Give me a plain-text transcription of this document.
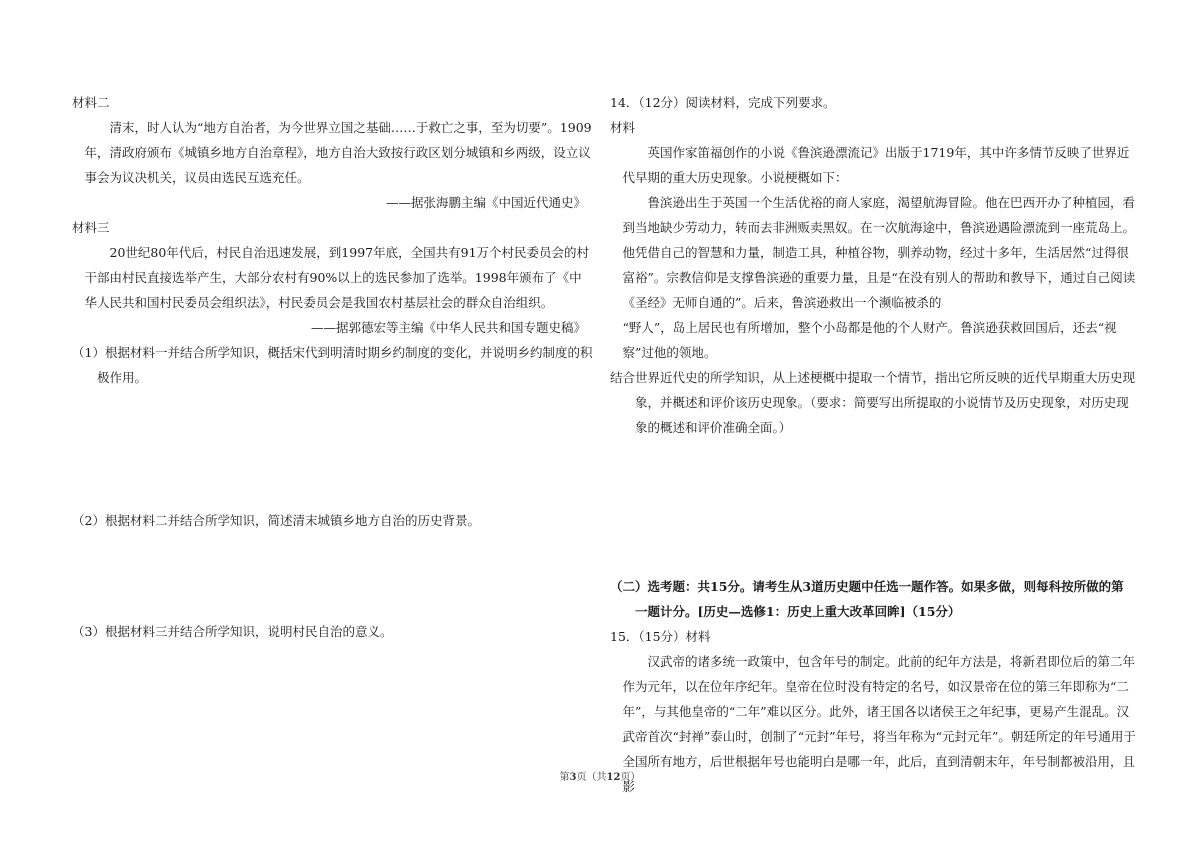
材料二

清末，时人认为“地方自治者，为今世界立国之基础……于救亡之事，至为切要”。1909年，清政府颁布《城镇乡地方自治章程》，地方自治大致按行政区划分城镇和乡两级，设立议事会为议决机关，议员由选民互选充任。

——据张海鹏主编《中国近代通史》

材料三

20世纪80年代后，村民自治迅速发展，到1997年底，全国共有91万个村民委员会的村干部由村民直接选举产生，大部分农村有90%以上的选民参加了选举。1998年颁布了《中华人民共和国村民委员会组织法》，村民委员会是我国农村基层社会的群众自治组织。

——据郭德宏等主编《中华人民共和国专题史稿》

（1）根据材料一并结合所学知识，概括宋代到明清时期乡约制度的变化，并说明乡约制度的积极作用。

（2）根据材料二并结合所学知识，简述清末城镇乡地方自治的历史背景。

（3）根据材料三并结合所学知识，说明村民自治的意义。

14．（12分）阅读材料，完成下列要求。

材料

英国作家笛福创作的小说《鲁滨逊漂流记》出版于1719年，其中许多情节反映了世界近代早期的重大历史现象。小说梗概如下：

鲁滨逊出生于英国一个生活优裕的商人家庭，渴望航海冒险。他在巴西开办了种植园，看到当地缺少劳动力，转而去非洲贩卖黑奴。在一次航海途中，鲁滨逊遇险漂流到一座荒岛上。他凭借自己的智慧和力量，制造工具，种植谷物，驯养动物，经过十多年，生活居然“过得很富裕”。宗教信仰是支撑鲁滨逊的重要力量，且是“在没有别人的帮助和教导下，通过自己阅读《圣经》无师自通的”。后来，鲁滨逊救出一个濒临被杀的

“野人”，岛上居民也有所增加，整个小岛都是他的个人财产。鲁滨逊获救回国后，还去“视察”过他的领地。

结合世界近代史的所学知识，从上述梗概中提取一个情节，指出它所反映的近代早期重大历史现象，并概述和评价该历史现象。（要求：简要写出所提取的小说情节及历史现象，对历史现象的概述和评价准确全面。）

（二）选考题：共15分。请考生从3道历史题中任选一题作答。如果多做，则每科按所做的第一题计分。[历史—选修1：历史上重大改革回眸]（15分）

15．（15分）材料

汉武帝的诸多统一政策中，包含年号的制定。此前的纪年方法是，将新君即位后的第二年作为元年，以在位年序纪年。皇帝在位时没有特定的名号，如汉景帝在位的第三年即称为“二年”，与其他皇帝的“二年”难以区分。此外，诸王国各以诸侯王之年纪事，更易产生混乱。汉武帝首次“封禅”泰山时，创制了“元封”年号，将当年称为“元封元年”。朝廷所定的年号通用于全国所有地方，后世根据年号也能明白是哪一年，此后，直到清朝末年，年号制都被沿用，且影

第3页（共12页）
